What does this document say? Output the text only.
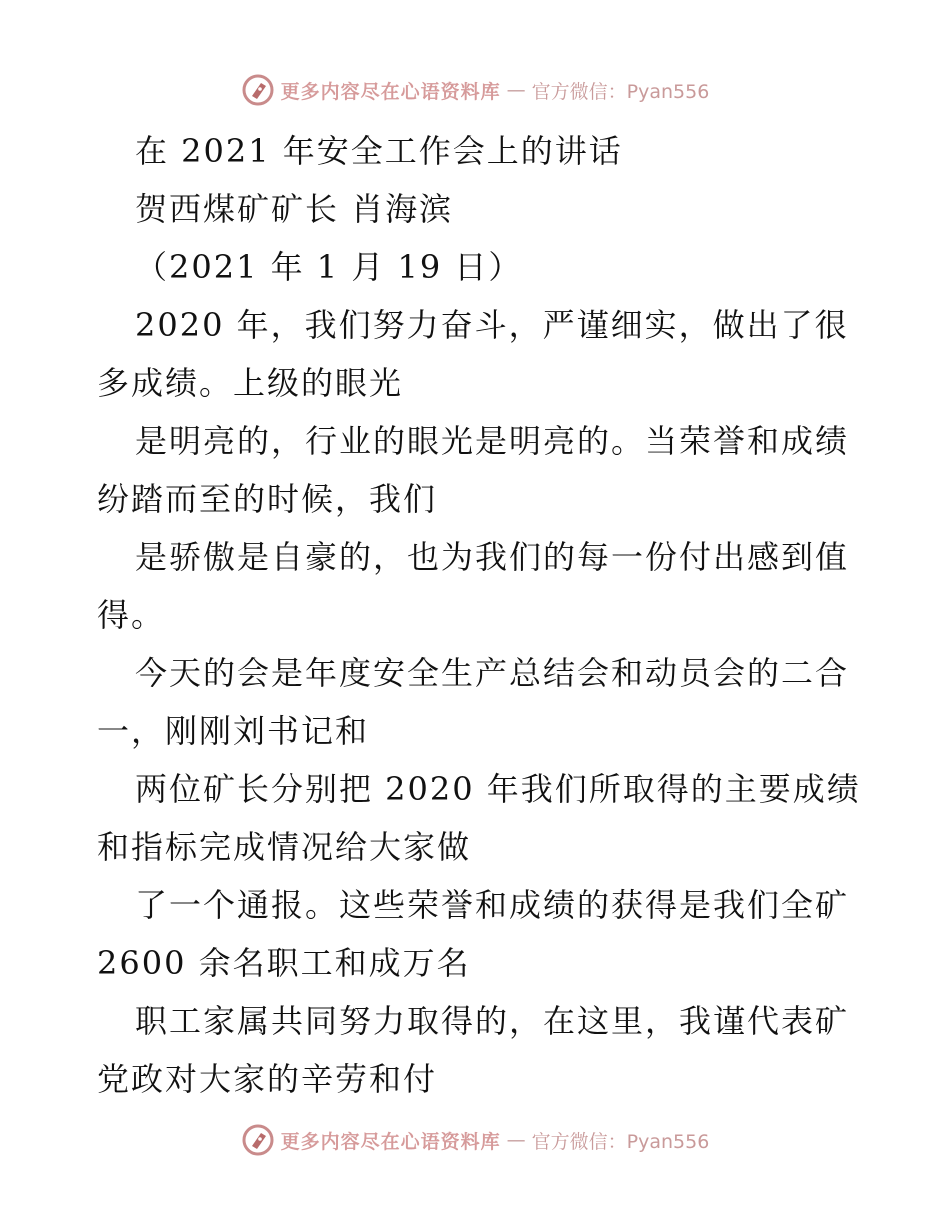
更多内容尽在心语资料库 — 官方微信：Pyan556
在 2021 年安全工作会上的讲话
贺西煤矿矿长 肖海滨
（2021 年 1 月 19 日）
2020 年，我们努力奋斗，严谨细实，做出了很
多成绩。上级的眼光
是明亮的，行业的眼光是明亮的。当荣誉和成绩
纷踏而至的时候，我们
是骄傲是自豪的，也为我们的每一份付出感到值
得。
今天的会是年度安全生产总结会和动员会的二合
一，刚刚刘书记和
两位矿长分别把 2020 年我们所取得的主要成绩
和指标完成情况给大家做
了一个通报。这些荣誉和成绩的获得是我们全矿
2600 余名职工和成万名
职工家属共同努力取得的，在这里，我谨代表矿
党政对大家的辛劳和付
更多内容尽在心语资料库 — 官方微信：Pyan556
